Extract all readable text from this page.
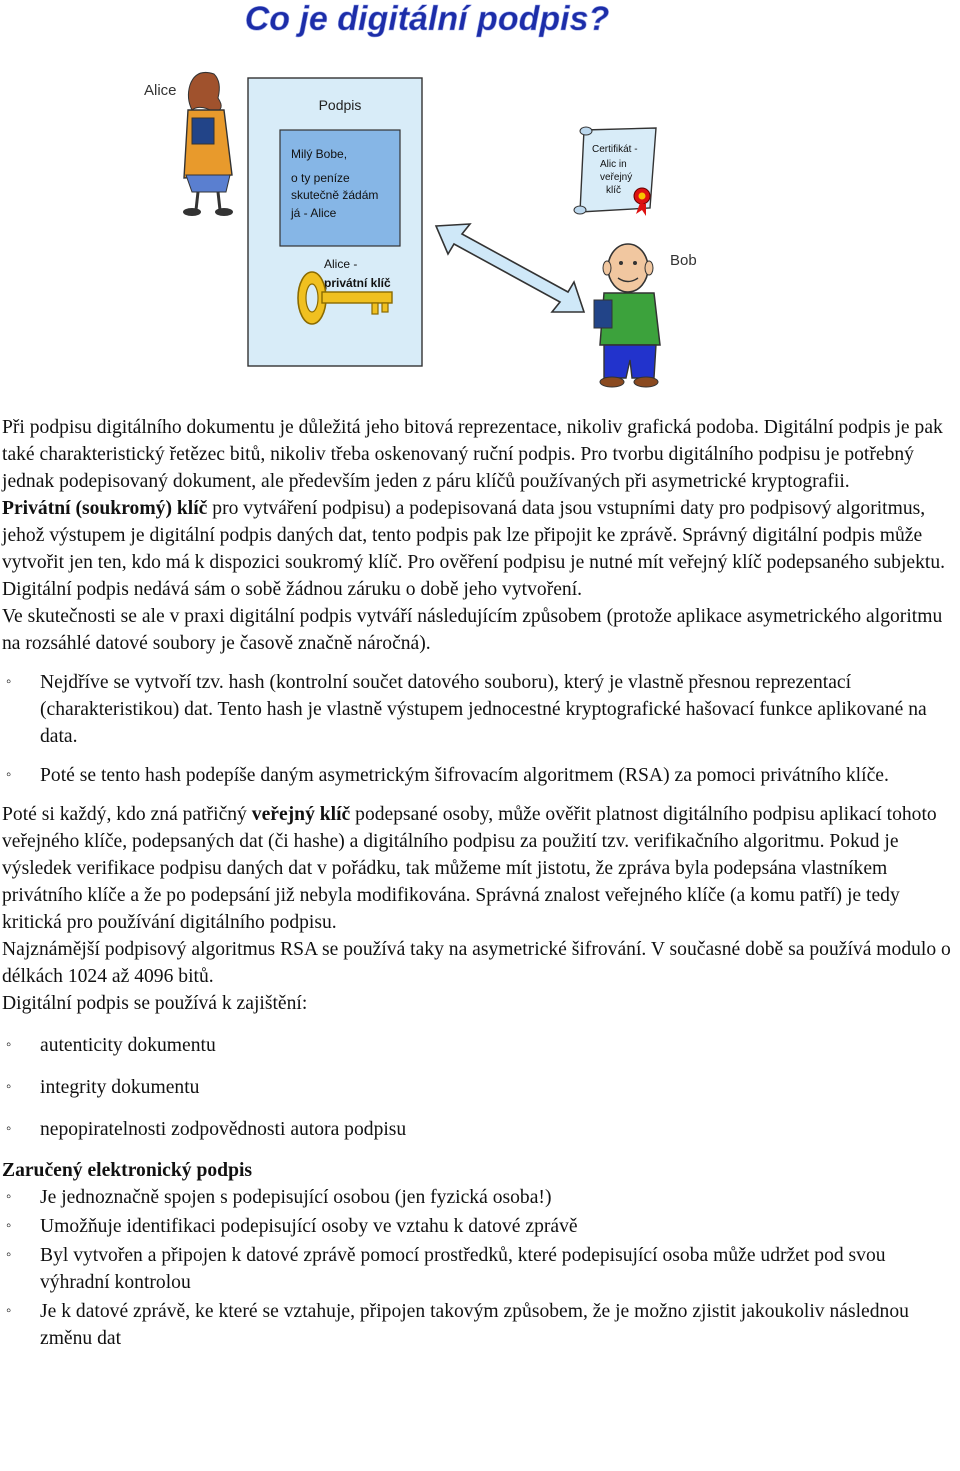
Co je digitální podpis?
Alice
Podpis
Milý Bobe,
o ty peníze
skutečně žádám
já - Alice
Alice -
privátní klíč
Certifikát -
Alic in
veřejný
klíč
Bob

Při podpisu digitálního dokumentu je důležitá jeho bitová reprezentace, nikoliv grafická podoba. Digitální podpis je pak také charakteristický řetězec bitů, nikoliv třeba oskenovaný ruční podpis. Pro tvorbu digitálního podpisu je potřebný jednak podepisovaný dokument, ale především jeden z páru klíčů používaných při asymetrické kryptografii.

Privátní (soukromý) klíč pro vytváření podpisu) a podepisovaná data jsou vstupními daty pro podpisový algoritmus, jehož výstupem je digitální podpis daných dat, tento podpis pak lze připojit ke zprávě. Správný digitální podpis může vytvořit jen ten, kdo má k dispozici soukromý klíč. Pro ověření podpisu je nutné mít veřejný klíč podepsaného subjektu. Digitální podpis nedává sám o sobě žádnou záruku o době jeho vytvoření.

Ve skutečnosti se ale v praxi digitální podpis vytváří následujícím způsobem (protože aplikace asymetrického algoritmu na rozsáhlé datové soubory je časově značně náročná).

◦ Nejdříve se vytvoří tzv. hash (kontrolní součet datového souboru), který je vlastně přesnou reprezentací (charakteristikou) dat. Tento hash je vlastně výstupem jednocestné kryptografické hašovací funkce aplikované na data.
◦ Poté se tento hash podepíše daným asymetrickým šifrovacím algoritmem (RSA) za pomoci privátního klíče.

Poté si každý, kdo zná patřičný veřejný klíč podepsané osoby, může ověřit platnost digitálního podpisu aplikací tohoto veřejného klíče, podepsaných dat (či hashe) a digitálního podpisu za použití tzv. verifikačního algoritmu. Pokud je výsledek verifikace podpisu daných dat v pořádku, tak můžeme mít jistotu, že zpráva byla podepsána vlastníkem privátního klíče a že po podepsání již nebyla modifikována. Správná znalost veřejného klíče (a komu patří) je tedy kritická pro používání digitálního podpisu.

Najznámější podpisový algoritmus RSA se používá taky na asymetrické šifrování. V současné době sa používá modulo o délkách 1024 až 4096 bitů.

Digitální podpis se používá k zajištění:

◦ autenticity dokumentu
◦ integrity dokumentu
◦ nepopiratelnosti zodpovědnosti autora podpisu

Zaručený elektronický podpis

◦ Je jednoznačně spojen s podepisující osobou (jen fyzická osoba!)
◦ Umožňuje identifikaci podepisující osoby ve vztahu k datové zprávě
◦ Byl vytvořen a připojen k datové zprávě pomocí prostředků, které podepisující osoba může udržet pod svou výhradní kontrolou
◦ Je k datové zprávě, ke které se vztahuje, připojen takovým způsobem, že je možno zjistit jakoukoliv následnou změnu dat
